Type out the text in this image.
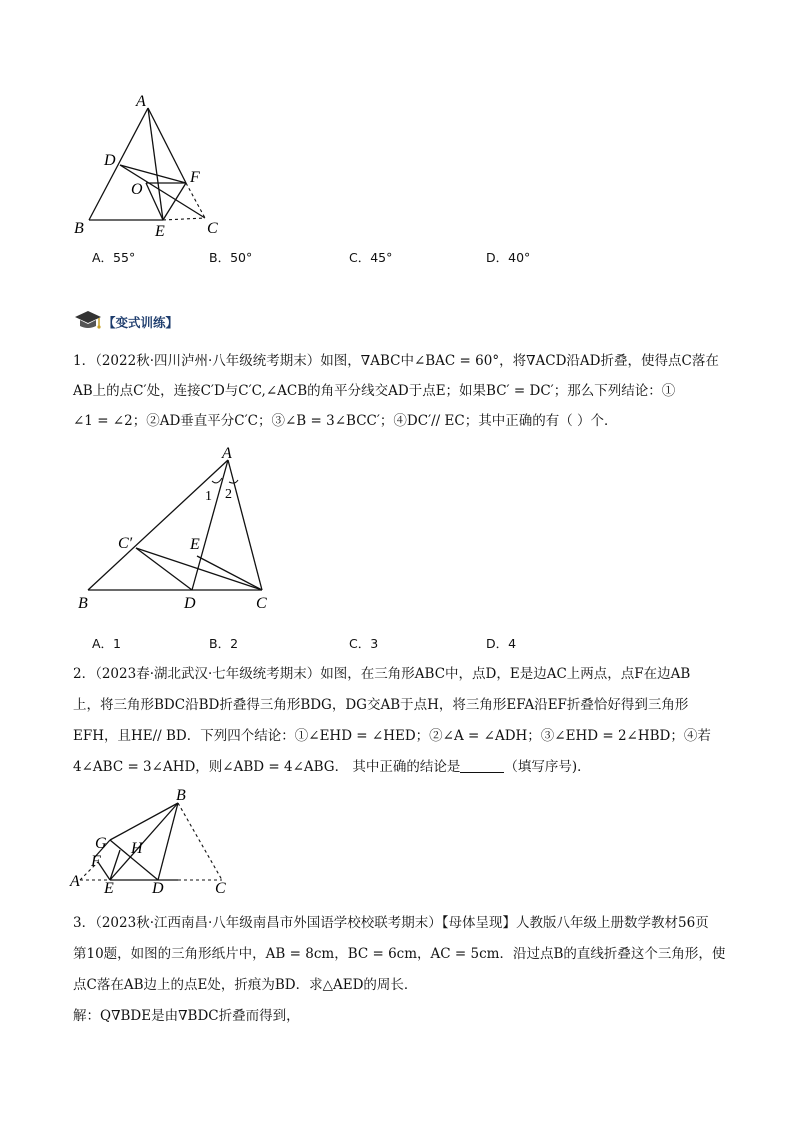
A
D
O
F
B	E	C
A．55°	B．50°	C．45°	D．40°
【变式训练】
1．（2022秋·四川泸州·八年级统考期末）如图，∇ABC中∠BAC = 60°，将∇ACD沿AD折叠，使得点C落在
AB上的点C′处，连接C′D与C′C,∠ACB的角平分线交AD于点E；如果BC′ = DC′；那么下列结论：①
∠1 = ∠2；②AD垂直平分C′C；③∠B = 3∠BCC′；④DC′// EC；其中正确的有（ ）个．
A
1 2
C′	E
B	D	C
A．1	B．2	C．3	D．4
2．（2023春·湖北武汉·七年级统考期末）如图，在三角形ABC中，点D，E是边AC上两点，点F在边AB
上，将三角形BDC沿BD折叠得三角形BDG，DG交AB于点H，将三角形EFA沿EF折叠恰好得到三角形
EFH，且HE// BD．下列四个结论：①∠EHD = ∠HED；②∠A = ∠ADH；③∠EHD = 2∠HBD；④若
4∠ABC = 3∠AHD，则∠ABD = 4∠ABG． 其中正确的结论是	（填写序号)．
B
G H
F
A E D	C
3．（2023秋·江西南昌·八年级南昌市外国语学校校联考期末）【母体呈现】人教版八年级上册数学教材56页
第10题，如图的三角形纸片中，AB = 8cm，BC = 6cm，AC = 5cm．沿过点B的直线折叠这个三角形，使
点C落在AB边上的点E处，折痕为BD．求△AED的周长．
解：Q∇BDE是由∇BDC折叠而得到，
